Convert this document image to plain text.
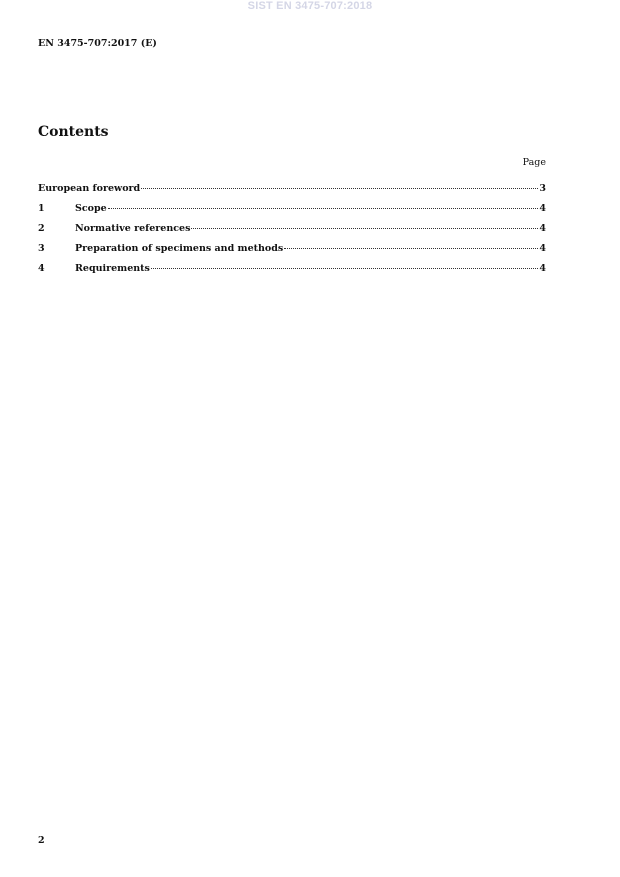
SIST EN 3475-707:2018
EN 3475-707:2017 (E)
Contents
Page
European foreword	3
1	Scope	4
2	Normative references	4
3	Preparation of specimens and methods	4
4	Requirements	4
2
